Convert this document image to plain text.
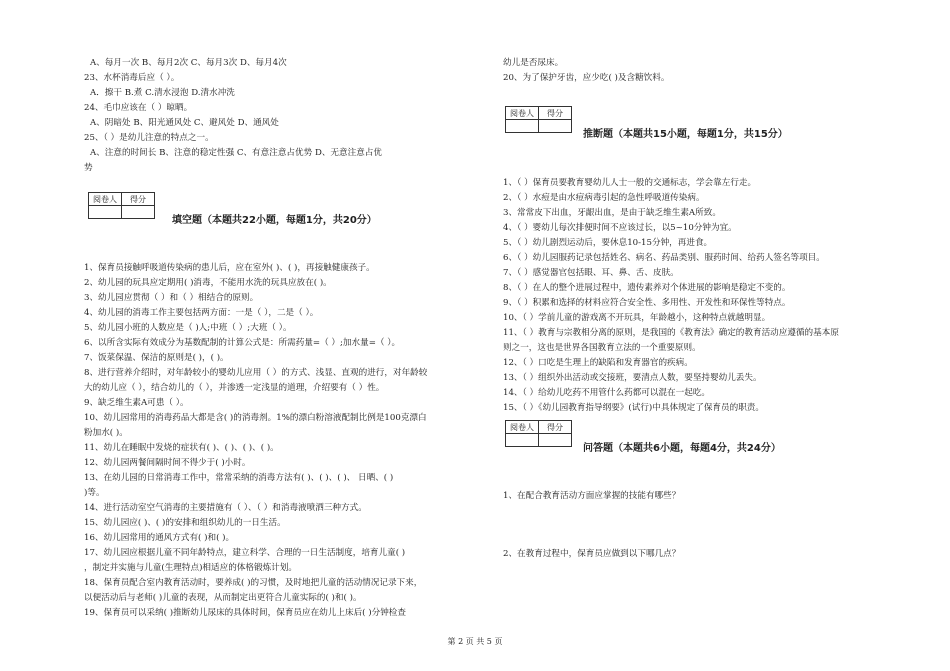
A、每月一次 B、每月2次 C、每月3次 D、每月4次
23、水杯消毒后应（ ）。
A．擦干 B.煮 C.清水浸泡 D.清水冲洗
24、毛巾应该在（ ）晾晒。
A、阴暗处 B、阳光通风处 C、避风处 D、通风处
25、（ ）是幼儿注意的特点之一。
A、注意的时间长 B、注意的稳定性强 C、有意注意占优势 D、无意注意占优
势
阅卷人	得分

填空题（本题共22小题，每题1分，共20分）
1、保育员接触呼吸道传染病的患儿后，应在室外( )、( )，再接触健康孩子。
2、幼儿园的玩具应定期用( )消毒，不能用水洗的玩具应放在( )。
3、幼儿园应贯彻（ ）和（ ）相结合的原则。
4、幼儿园的消毒工作主要包括两方面：一是（ ），二是（ ）。
5、幼儿园小班的人数应是（ )人;中班（ ）;大班（ ）。
6、以所含实际有效成分为基数配制的计算公式是：所需药量=（ ）;加水量=（ ）。
7、饭菜保温、保洁的原则是( )，( )。
8、进行营养介绍时，对年龄较小的婴幼儿应用（ ）的方式、浅显、直观的进行，对年龄较
大的幼儿应（ ），结合幼儿的（ ），并渗透一定浅显的道理，介绍要有（ ）性。
9、缺乏维生素A可患（ ）。
10、幼儿园常用的消毒药品大都是含( )的消毒剂。1%的漂白粉溶液配制比例是100克漂白
粉加水( )。
11、幼儿在睡眠中发烧的症状有( )、( )、( )、( )。
12、幼儿园两餐间隔时间不得少于( )小时。
13、在幼儿园的日常消毒工作中，常常采纳的消毒方法有( )、( )、( )、 日晒、( )
)等。
14、进行活动室空气消毒的主要措施有（ ）、（ ）和消毒液喷洒三种方式。
15、幼儿园应( )、( )的安排和组织幼儿的一日生活。
16、幼儿园常用的通风方式有( )和( )。
17、幼儿园应根据儿童不同年龄特点，建立科学、合理的一日生活制度，培育儿童( )
，制定并实施与儿童(生理特点)相适应的体格锻炼计划。
18、保育员配合室内教育活动时，要养成( )的习惯，及时地把儿童的活动情况记录下来，
以便活动后与老师( )儿童的表现，从而制定出更符合儿童实际的( )和( )。
19、保育员可以采纳( )推断幼儿尿床的具体时间，保育员应在幼儿上床后( )分钟检查
幼儿是否尿床。
20、为了保护牙齿，应少吃( )及含糖饮料。
阅卷人	得分

推断题（本题共15小题，每题1分，共15分）
1、（ ）保育员要教育婴幼儿人士一般的交通标志，学会靠左行走。
2、（ ）水痘是由水痘病毒引起的急性呼吸道传染病。
3、常常皮下出血，牙龈出血，是由于缺乏维生素A所致。
4、（ ）婴幼儿每次排便时间不应该过长，以5~10分钟为宜。
5、（ ）幼儿剧烈运动后，要休息10-15分钟，再进食。
6、（ ）幼儿园服药记录包括姓名、病名、药品类别、服药时间、给药人签名等项目。
7、（ ）感觉器官包括眼、耳、鼻、舌、皮肤。
8、（ ）在人的整个进展过程中，遗传素养对个体进展的影响是稳定不变的。
9、（ ）积累和选择的材料应符合安全性、多用性、开发性和环保性等特点。
10、（ ）学前儿童的游戏离不开玩具，年龄越小，这种特点就越明显。
11、（ ）教育与宗教相分离的原则，是我国的《教育法》确定的教育活动应遵循的基本原
则之一，这也是世界各国教育立法的一个重要原则。
12、（ ）口吃是生理上的缺陷和发育器官的疾病。
13、（ ）组织外出活动或交接班，要清点人数，要坚持婴幼儿丢失。
14、（ ）给幼儿吃药不用管什么药都可以混在一起吃。
15、（ ）《幼儿园教育指导纲要》(试行)中具体规定了保育员的职责。
阅卷人	得分

问答题（本题共6小题，每题4分，共24分）
1、在配合教育活动方面应掌握的技能有哪些？
2、在教育过程中，保育员应做到以下哪几点？
第 2 页 共 5 页
